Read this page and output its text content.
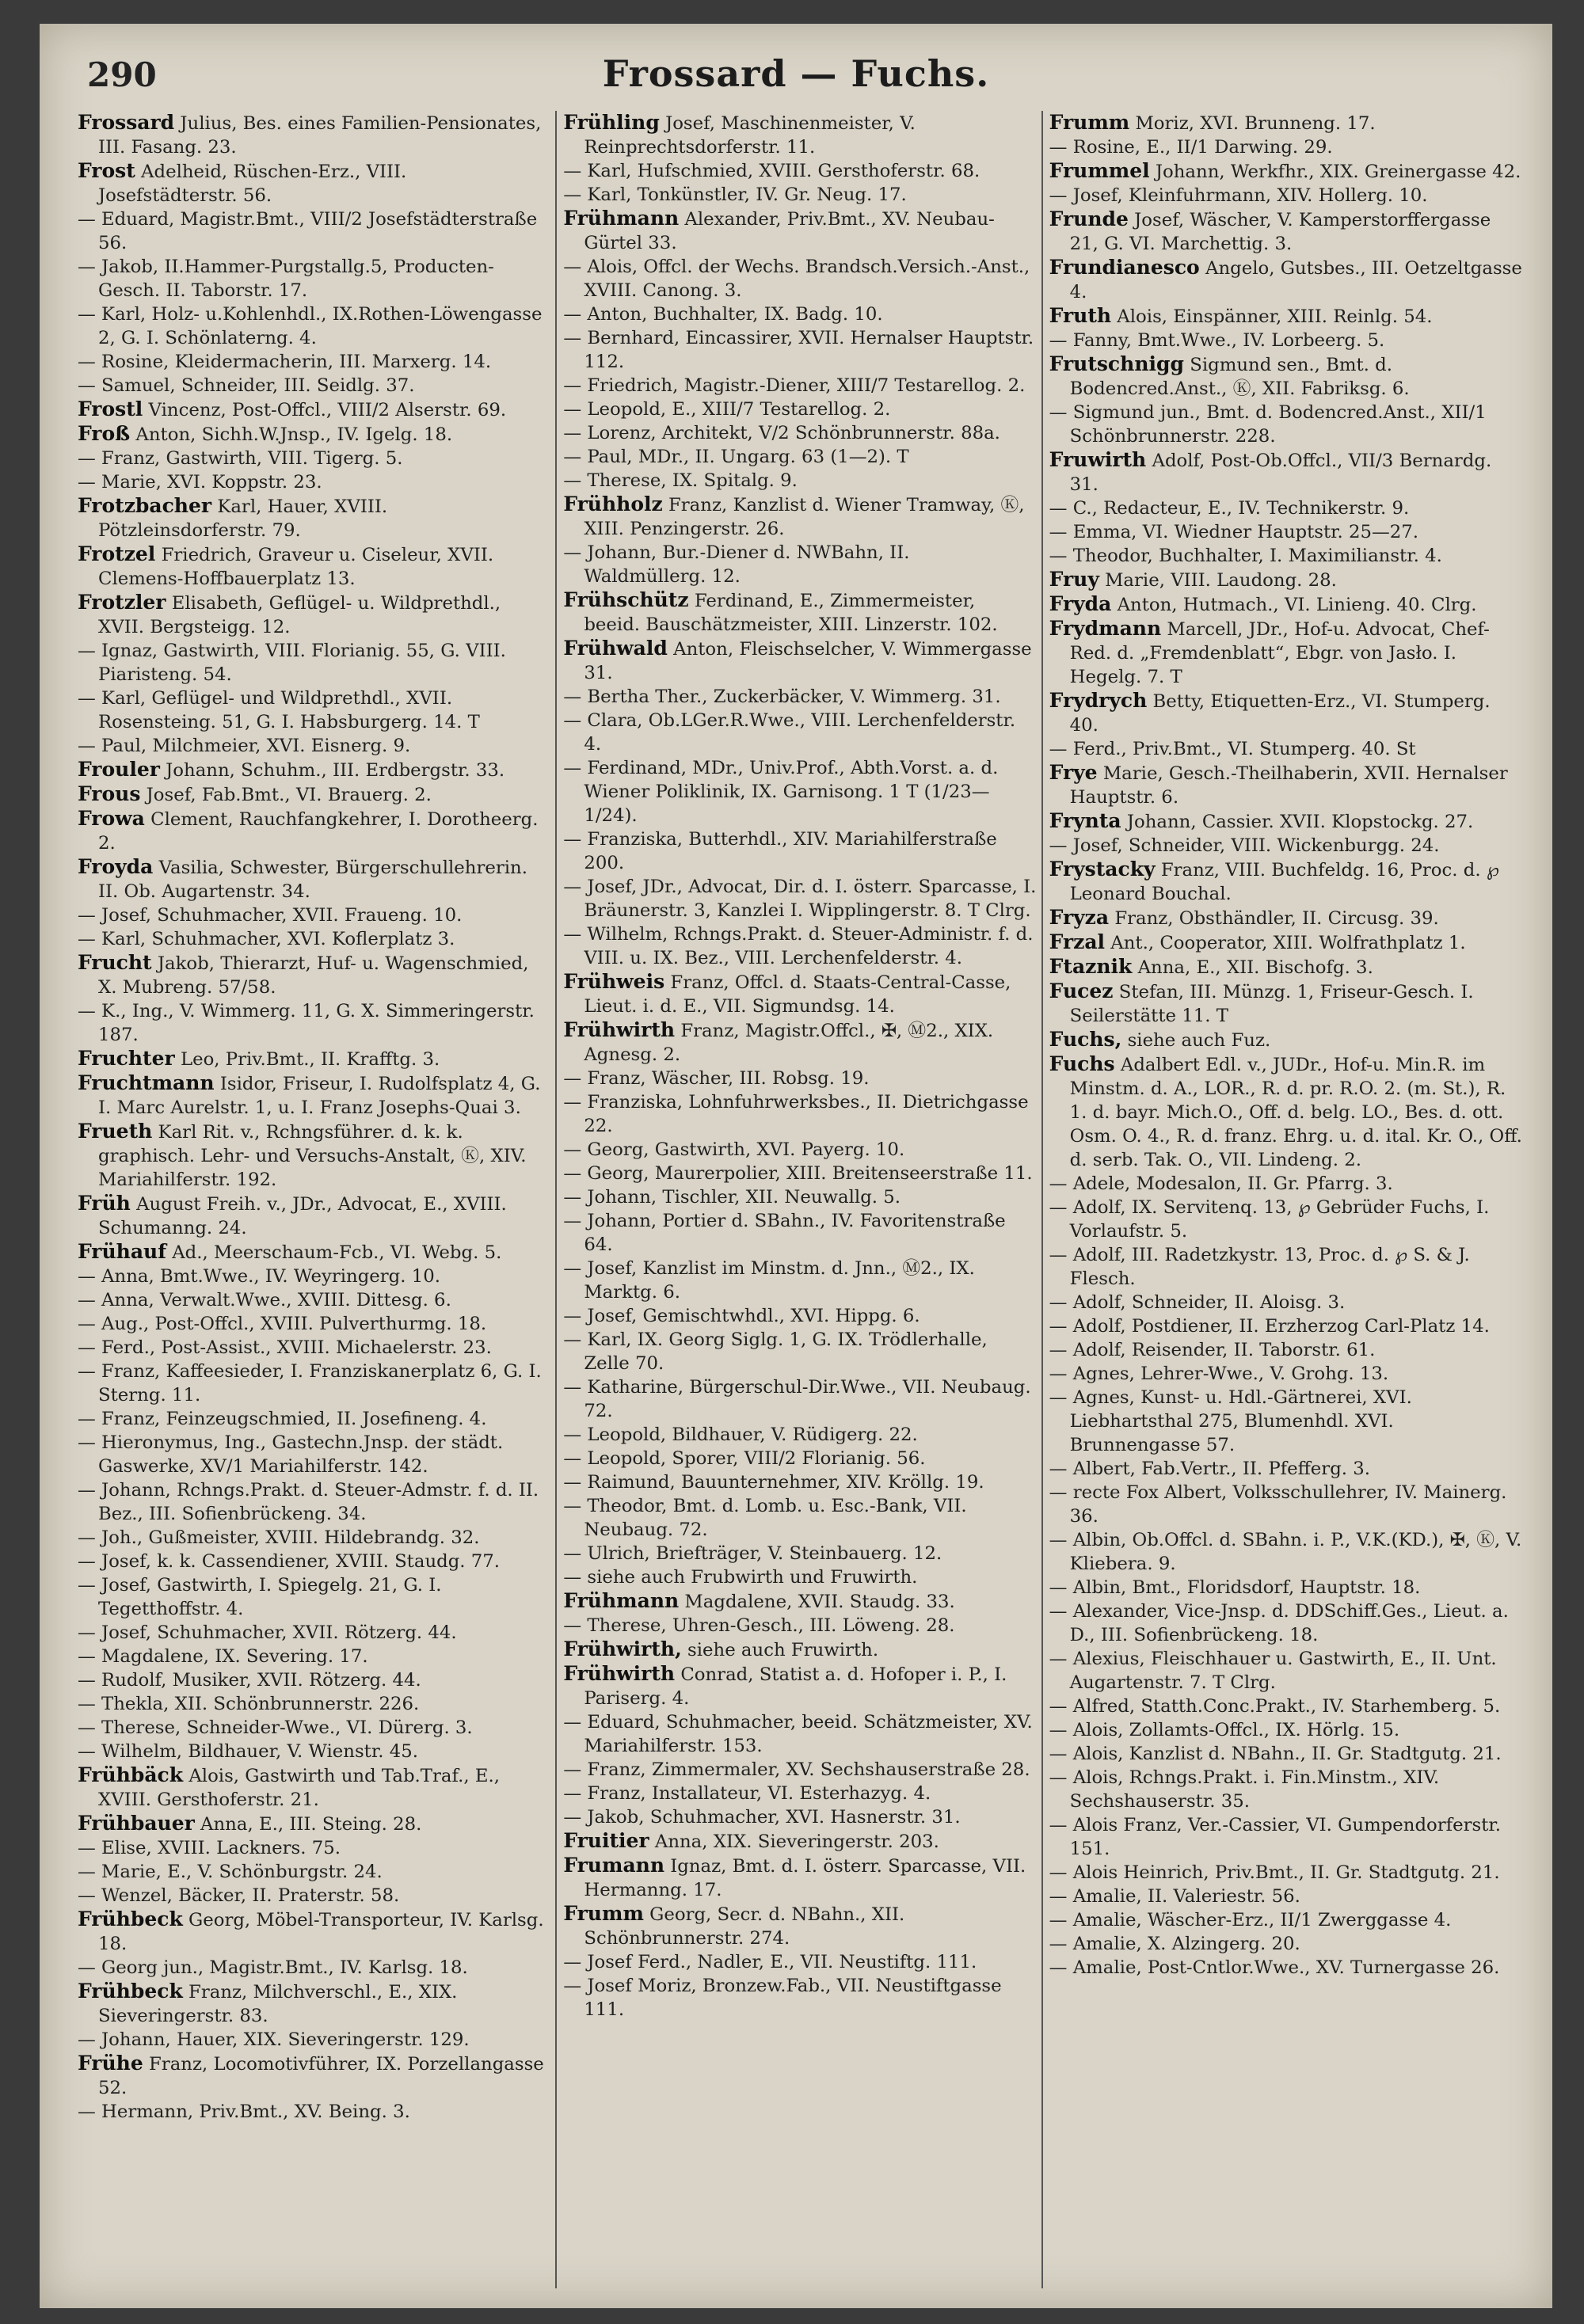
290	Frossard — Fuchs.

Frossard Julius, Bes. eines Familien-Pensionates, III. Fasang. 23.

Frost Adelheid, Rüschen-Erz., VIII. Josefstädterstr. 56.

— Eduard, Magistr.Bmt., VIII/2 Josefstädterstraße 56.

— Jakob, II.Hammer-Purgstallg.5, Producten-Gesch. II. Taborstr. 17.

— Karl, Holz- u.Kohlenhdl., IX.Rothen-Löwengasse 2, G. I. Schönlaterng. 4.

— Rosine, Kleidermacherin, III. Marxerg. 14.

— Samuel, Schneider, III. Seidlg. 37.

Frostl Vincenz, Post-Offcl., VIII/2 Alserstr. 69.

Froß Anton, Sichh.W.Jnsp., IV. Igelg. 18.

— Franz, Gastwirth, VIII. Tigerg. 5.

— Marie, XVI. Koppstr. 23.

Frotzbacher Karl, Hauer, XVIII. Pötzleinsdorferstr. 79.

Frotzel Friedrich, Graveur u. Ciseleur, XVII. Clemens-Hoffbauerplatz 13.

Frotzler Elisabeth, Geflügel- u. Wildprethdl., XVII. Bergsteigg. 12.

— Ignaz, Gastwirth, VIII. Florianig. 55, G. VIII. Piaristeng. 54.

— Karl, Geflügel- und Wildprethdl., XVII. Rosensteing. 51, G. I. Habsburgerg. 14. T

— Paul, Milchmeier, XVI. Eisnerg. 9.

Frouler Johann, Schuhm., III. Erdbergstr. 33.

Frous Josef, Fab.Bmt., VI. Brauerg. 2.

Frowa Clement, Rauchfangkehrer, I. Dorotheerg. 2.

Froyda Vasilia, Schwester, Bürgerschullehrerin. II. Ob. Augartenstr. 34.

— Josef, Schuhmacher, XVII. Fraueng. 10.

— Karl, Schuhmacher, XVI. Koflerplatz 3.

Frucht Jakob, Thierarzt, Huf- u. Wagenschmied, X. Mubreng. 57/58.

— K., Ing., V. Wimmerg. 11, G. X. Simmeringerstr. 187.

Fruchter Leo, Priv.Bmt., II. Krafftg. 3.

Fruchtmann Isidor, Friseur, I. Rudolfsplatz 4, G. I. Marc Aurelstr. 1, u. I. Franz Josephs-Quai 3.

Frueth Karl Rit. v., Rchngsführer. d. k. k. graphisch. Lehr- und Versuchs-Anstalt, Ⓚ, XIV. Mariahilferstr. 192.

Früh August Freih. v., JDr., Advocat, E., XVIII. Schumanng. 24.

Frühauf Ad., Meerschaum-Fcb., VI. Webg. 5.

— Anna, Bmt.Wwe., IV. Weyringerg. 10.

— Anna, Verwalt.Wwe., XVIII. Dittesg. 6.

— Aug., Post-Offcl., XVIII. Pulverthurmg. 18.

— Ferd., Post-Assist., XVIII. Michaelerstr. 23.

— Franz, Kaffeesieder, I. Franziskanerplatz 6, G. I. Sterng. 11.

— Franz, Feinzeugschmied, II. Josefineng. 4.

— Hieronymus, Ing., Gastechn.Jnsp. der städt. Gaswerke, XV/1 Mariahilferstr. 142.

— Johann, Rchngs.Prakt. d. Steuer-Admstr. f. d. II. Bez., III. Sofienbrückeng. 34.

— Joh., Gußmeister, XVIII. Hildebrandg. 32.

— Josef, k. k. Cassendiener, XVIII. Staudg. 77.

— Josef, Gastwirth, I. Spiegelg. 21, G. I. Tegetthoffstr. 4.

— Josef, Schuhmacher, XVII. Rötzerg. 44.

— Magdalene, IX. Severing. 17.

— Rudolf, Musiker, XVII. Rötzerg. 44.

— Thekla, XII. Schönbrunnerstr. 226.

— Therese, Schneider-Wwe., VI. Dürerg. 3.

— Wilhelm, Bildhauer, V. Wienstr. 45.

Frühbäck Alois, Gastwirth und Tab.Traf., E., XVIII. Gersthoferstr. 21.

Frühbauer Anna, E., III. Steing. 28.

— Elise, XVIII. Lackners. 75.

— Marie, E., V. Schönburgstr. 24.

— Wenzel, Bäcker, II. Praterstr. 58.

Frühbeck Georg, Möbel-Transporteur, IV. Karlsg. 18.

— Georg jun., Magistr.Bmt., IV. Karlsg. 18.

Frühbeck Franz, Milchverschl., E., XIX. Sieveringerstr. 83.

— Johann, Hauer, XIX. Sieveringerstr. 129.

Frühe Franz, Locomotivführer, IX. Porzellangasse 52.

— Hermann, Priv.Bmt., XV. Being. 3.

Frühling Josef, Maschinenmeister, V. Reinprechtsdorferstr. 11.

— Karl, Hufschmied, XVIII. Gersthoferstr. 68.

— Karl, Tonkünstler, IV. Gr. Neug. 17.

Frühmann Alexander, Priv.Bmt., XV. Neubau-Gürtel 33.

— Alois, Offcl. der Wechs. Brandsch.Versich.-Anst., XVIII. Canong. 3.

— Anton, Buchhalter, IX. Badg. 10.

— Bernhard, Eincassirer, XVII. Hernalser Hauptstr. 112.

— Friedrich, Magistr.-Diener, XIII/7 Testarellog. 2.

— Leopold, E., XIII/7 Testarellog. 2.

— Lorenz, Architekt, V/2 Schönbrunnerstr. 88a.

— Paul, MDr., II. Ungarg. 63 (1—2). T

— Therese, IX. Spitalg. 9.

Frühholz Franz, Kanzlist d. Wiener Tramway, Ⓚ, XIII. Penzingerstr. 26.

— Johann, Bur.-Diener d. NWBahn, II. Waldmüllerg. 12.

Frühschütz Ferdinand, E., Zimmermeister, beeid. Bauschätzmeister, XIII. Linzerstr. 102.

Frühwald Anton, Fleischselcher, V. Wimmergasse 31.

— Bertha Ther., Zuckerbäcker, V. Wimmerg. 31.

— Clara, Ob.LGer.R.Wwe., VIII. Lerchenfelderstr. 4.

— Ferdinand, MDr., Univ.Prof., Abth.Vorst. a. d. Wiener Poliklinik, IX. Garnisong. 1 T (1/23—1/24).

— Franziska, Butterhdl., XIV. Mariahilferstraße 200.

— Josef, JDr., Advocat, Dir. d. I. österr. Sparcasse, I. Bräunerstr. 3, Kanzlei I. Wipplingerstr. 8. T Clrg.

— Wilhelm, Rchngs.Prakt. d. Steuer-Administr. f. d. VIII. u. IX. Bez., VIII. Lerchenfelderstr. 4.

Frühweis Franz, Offcl. d. Staats-Central-Casse, Lieut. i. d. E., VII. Sigmundsg. 14.

Frühwirth Franz, Magistr.Offcl., ✠, Ⓜ2., XIX. Agnesg. 2.

— Franz, Wäscher, III. Robsg. 19.

— Franziska, Lohnfuhrwerksbes., II. Dietrichgasse 22.

— Georg, Gastwirth, XVI. Payerg. 10.

— Georg, Maurerpolier, XIII. Breitenseerstraße 11.

— Johann, Tischler, XII. Neuwallg. 5.

— Johann, Portier d. SBahn., IV. Favoritenstraße 64.

— Josef, Kanzlist im Minstm. d. Jnn., Ⓜ2., IX. Marktg. 6.

— Josef, Gemischtwhdl., XVI. Hippg. 6.

— Karl, IX. Georg Siglg. 1, G. IX. Trödlerhalle, Zelle 70.

— Katharine, Bürgerschul-Dir.Wwe., VII. Neubaug. 72.

— Leopold, Bildhauer, V. Rüdigerg. 22.

— Leopold, Sporer, VIII/2 Florianig. 56.

— Raimund, Bauunternehmer, XIV. Kröllg. 19.

— Theodor, Bmt. d. Lomb. u. Esc.-Bank, VII. Neubaug. 72.

— Ulrich, Briefträger, V. Steinbauerg. 12.

— siehe auch Frubwirth und Fruwirth.

Frühmann Magdalene, XVII. Staudg. 33.

— Therese, Uhren-Gesch., III. Löweng. 28.

Frühwirth, siehe auch Fruwirth.

Frühwirth Conrad, Statist a. d. Hofoper i. P., I. Pariserg. 4.

— Eduard, Schuhmacher, beeid. Schätzmeister, XV. Mariahilferstr. 153.

— Franz, Zimmermaler, XV. Sechshauserstraße 28.

— Franz, Installateur, VI. Esterhazyg. 4.

— Jakob, Schuhmacher, XVI. Hasnerstr. 31.

Fruitier Anna, XIX. Sieveringerstr. 203.

Frumann Ignaz, Bmt. d. I. österr. Sparcasse, VII. Hermanng. 17.

Frumm Georg, Secr. d. NBahn., XII. Schönbrunnerstr. 274.

— Josef Ferd., Nadler, E., VII. Neustiftg. 111.

— Josef Moriz, Bronzew.Fab., VII. Neustiftgasse 111.

Frumm Moriz, XVI. Brunneng. 17.

— Rosine, E., II/1 Darwing. 29.

Frummel Johann, Werkfhr., XIX. Greinergasse 42.

— Josef, Kleinfuhrmann, XIV. Hollerg. 10.

Frunde Josef, Wäscher, V. Kamperstorffergasse 21, G. VI. Marchettig. 3.

Frundianesco Angelo, Gutsbes., III. Oetzeltgasse 4.

Fruth Alois, Einspänner, XIII. Reinlg. 54.

— Fanny, Bmt.Wwe., IV. Lorbeerg. 5.

Frutschnigg Sigmund sen., Bmt. d. Bodencred.Anst., Ⓚ, XII. Fabriksg. 6.

— Sigmund jun., Bmt. d. Bodencred.Anst., XII/1 Schönbrunnerstr. 228.

Fruwirth Adolf, Post-Ob.Offcl., VII/3 Bernardg. 31.

— C., Redacteur, E., IV. Technikerstr. 9.

— Emma, VI. Wiedner Hauptstr. 25—27.

— Theodor, Buchhalter, I. Maximilianstr. 4.

Fruy Marie, VIII. Laudong. 28.

Fryda Anton, Hutmach., VI. Linieng. 40. Clrg.

Frydmann Marcell, JDr., Hof-u. Advocat, Chef-Red. d. „Fremdenblatt“, Ebgr. von Jasło. I. Hegelg. 7. T

Frydrych Betty, Etiquetten-Erz., VI. Stumperg. 40.

— Ferd., Priv.Bmt., VI. Stumperg. 40. St

Frye Marie, Gesch.-Theilhaberin, XVII. Hernalser Hauptstr. 6.

Frynta Johann, Cassier. XVII. Klopstockg. 27.

— Josef, Schneider, VIII. Wickenburgg. 24.

Frystacky Franz, VIII. Buchfeldg. 16, Proc. d. ℘ Leonard Bouchal.

Fryza Franz, Obsthändler, II. Circusg. 39.

Frzal Ant., Cooperator, XIII. Wolfrathplatz 1.

Ftaznik Anna, E., XII. Bischofg. 3.

Fucez Stefan, III. Münzg. 1, Friseur-Gesch. I. Seilerstätte 11. T

Fuchs, siehe auch Fuz.

Fuchs Adalbert Edl. v., JUDr., Hof-u. Min.R. im Minstm. d. A., LOR., R. d. pr. R.O. 2. (m. St.), R. 1. d. bayr. Mich.O., Off. d. belg. LO., Bes. d. ott. Osm. O. 4., R. d. franz. Ehrg. u. d. ital. Kr. O., Off. d. serb. Tak. O., VII. Lindeng. 2.

— Adele, Modesalon, II. Gr. Pfarrg. 3.

— Adolf, IX. Servitenq. 13, ℘ Gebrüder Fuchs, I. Vorlaufstr. 5.

— Adolf, III. Radetzkystr. 13, Proc. d. ℘ S. & J. Flesch.

— Adolf, Schneider, II. Aloisg. 3.

— Adolf, Postdiener, II. Erzherzog Carl-Platz 14.

— Adolf, Reisender, II. Taborstr. 61.

— Agnes, Lehrer-Wwe., V. Grohg. 13.

— Agnes, Kunst- u. Hdl.-Gärtnerei, XVI. Liebhartsthal 275, Blumenhdl. XVI. Brunnengasse 57.

— Albert, Fab.Vertr., II. Pfefferg. 3.

— recte Fox Albert, Volksschullehrer, IV. Mainerg. 36.

— Albin, Ob.Offcl. d. SBahn. i. P., V.K.(KD.), ✠, Ⓚ, V. Kliebera. 9.

— Albin, Bmt., Floridsdorf, Hauptstr. 18.

— Alexander, Vice-Jnsp. d. DDSchiff.Ges., Lieut. a. D., III. Sofienbrückeng. 18.

— Alexius, Fleischhauer u. Gastwirth, E., II. Unt. Augartenstr. 7. T Clrg.

— Alfred, Statth.Conc.Prakt., IV. Starhemberg. 5.

— Alois, Zollamts-Offcl., IX. Hörlg. 15.

— Alois, Kanzlist d. NBahn., II. Gr. Stadtgutg. 21.

— Alois, Rchngs.Prakt. i. Fin.Minstm., XIV. Sechshauserstr. 35.

— Alois Franz, Ver.-Cassier, VI. Gumpendorferstr. 151.

— Alois Heinrich, Priv.Bmt., II. Gr. Stadtgutg. 21.

— Amalie, II. Valeriestr. 56.

— Amalie, Wäscher-Erz., II/1 Zwerggasse 4.

— Amalie, X. Alzingerg. 20.

— Amalie, Post-Cntlor.Wwe., XV. Turnergasse 26.
